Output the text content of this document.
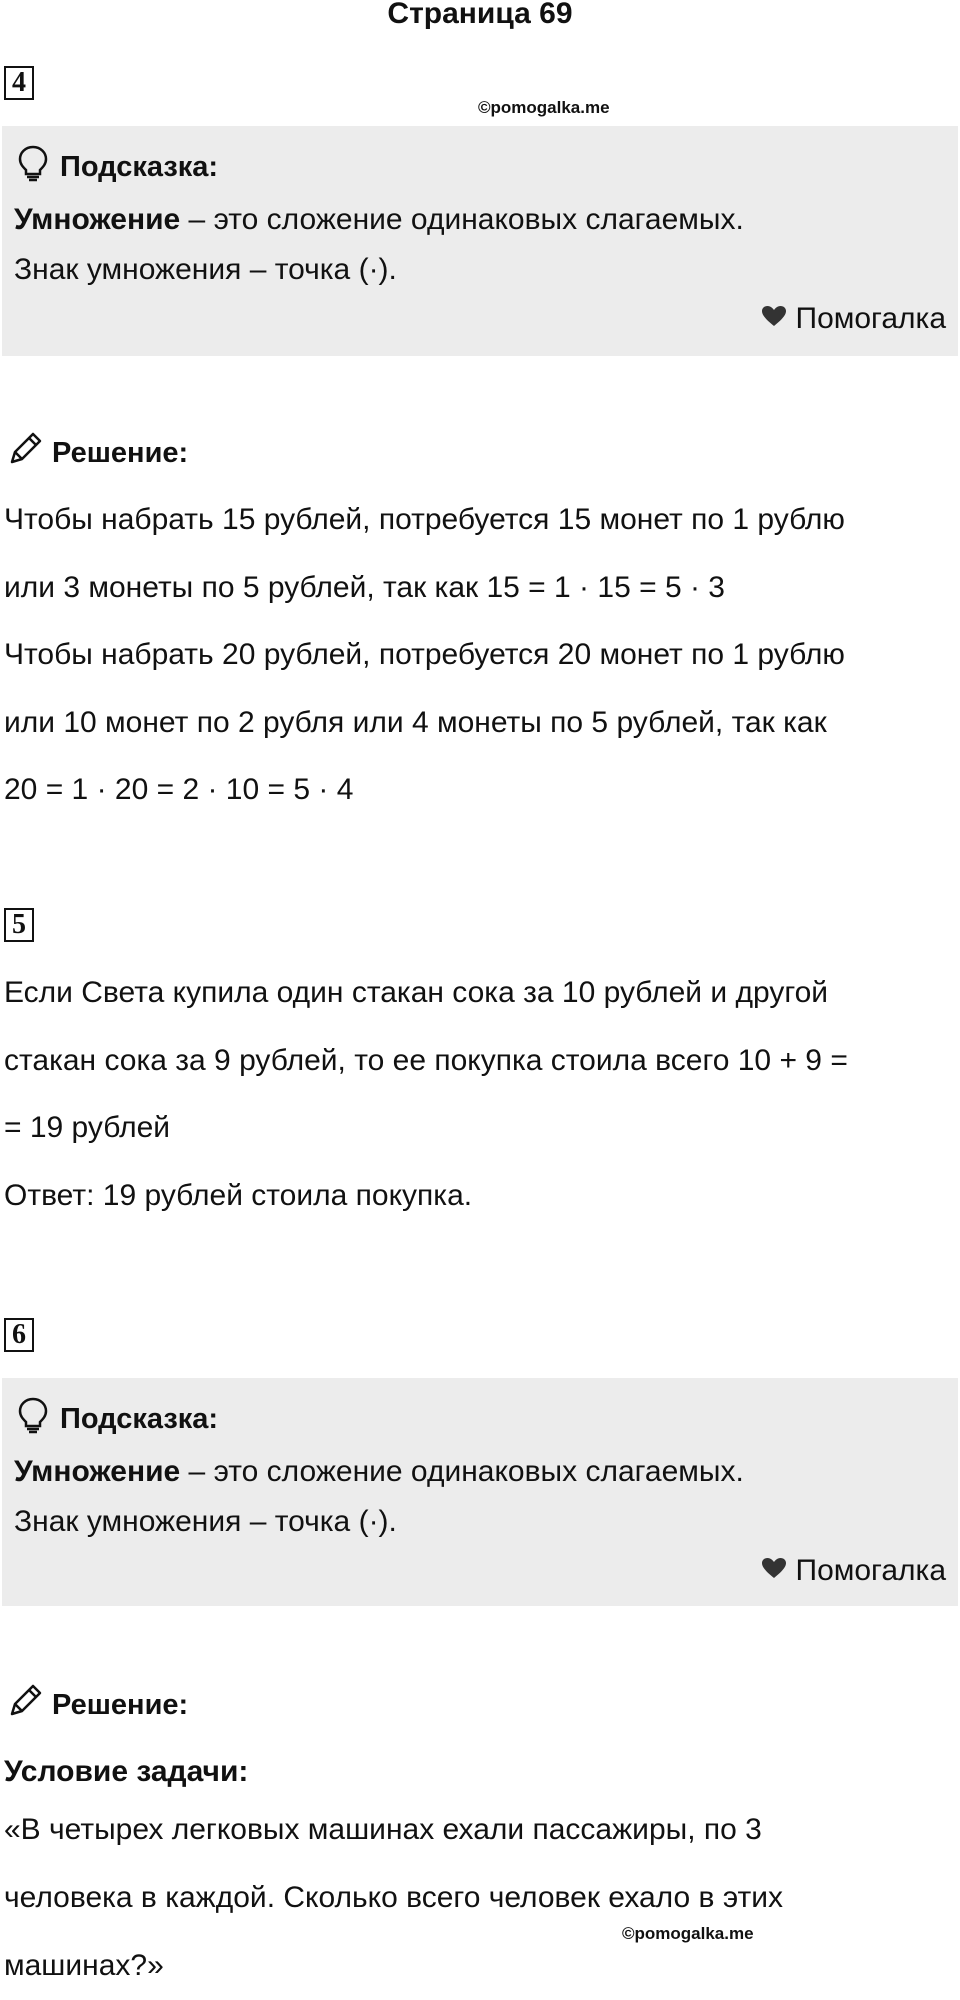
Страница 69
4
©pomogalka.me
Подсказка:
Умножение – это сложение одинаковых слагаемых.
Знак умножения – точка (·).
Помогалка
Решение:
Чтобы набрать 15 рублей, потребуется 15 монет по 1 рублю
или 3 монеты по 5 рублей, так как 15 = 1 · 15 = 5 · 3
Чтобы набрать 20 рублей, потребуется 20 монет по 1 рублю
или 10 монет по 2 рубля или 4 монеты по 5 рублей, так как
20 = 1 · 20 = 2 · 10 = 5 · 4
5
Если Света купила один стакан сока за 10 рублей и другой
стакан сока за 9 рублей, то ее покупка стоила всего 10 + 9 =
= 19 рублей
Ответ: 19 рублей стоила покупка.
6
Подсказка:
Умножение – это сложение одинаковых слагаемых.
Знак умножения – точка (·).
Помогалка
Решение:
Условие задачи:
«В четырех легковых машинах ехали пассажиры, по 3
человека в каждой. Сколько всего человек ехало в этих
©pomogalka.me
машинах?»
